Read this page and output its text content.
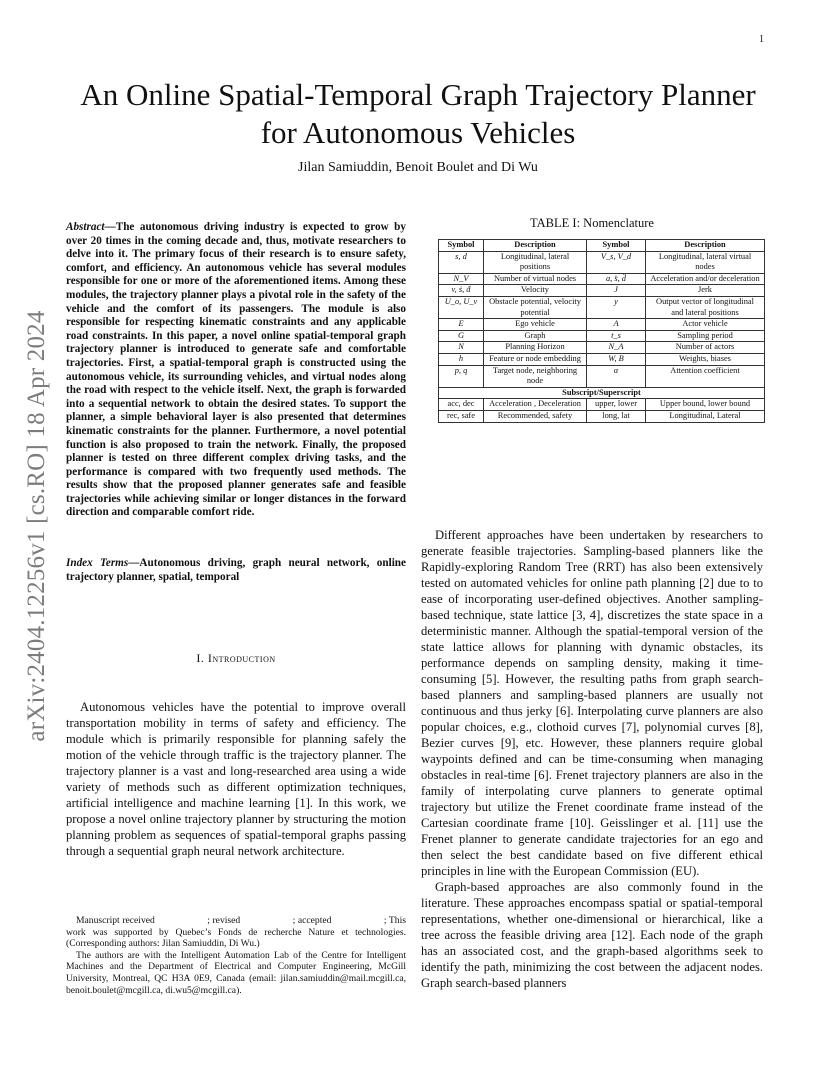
1
arXiv:2404.12256v1 [cs.RO] 18 Apr 2024
An Online Spatial-Temporal Graph Trajectory Planner for Autonomous Vehicles
Jilan Samiuddin, Benoit Boulet and Di Wu
Abstract—The autonomous driving industry is expected to grow by over 20 times in the coming decade and, thus, motivate researchers to delve into it. The primary focus of their research is to ensure safety, comfort, and efficiency. An autonomous vehicle has several modules responsible for one or more of the aforementioned items. Among these modules, the trajectory planner plays a pivotal role in the safety of the vehicle and the comfort of its passengers. The module is also responsible for respecting kinematic constraints and any applicable road constraints. In this paper, a novel online spatial-temporal graph trajectory planner is introduced to generate safe and comfortable trajectories. First, a spatial-temporal graph is constructed using the autonomous vehicle, its surrounding vehicles, and virtual nodes along the road with respect to the vehicle itself. Next, the graph is forwarded into a sequential network to obtain the desired states. To support the planner, a simple behavioral layer is also presented that determines kinematic constraints for the planner. Furthermore, a novel potential function is also proposed to train the network. Finally, the proposed planner is tested on three different complex driving tasks, and the performance is compared with two frequently used methods. The results show that the proposed planner generates safe and feasible trajectories while achieving similar or longer distances in the forward direction and comparable comfort ride.
Index Terms—Autonomous driving, graph neural network, online trajectory planner, spatial, temporal
I. Introduction
Autonomous vehicles have the potential to improve overall transportation mobility in terms of safety and efficiency. The module which is primarily responsible for planning safely the motion of the vehicle through traffic is the trajectory planner. The trajectory planner is a vast and long-researched area using a wide variety of methods such as different optimization techniques, artificial intelligence and machine learning [1]. In this work, we propose a novel online trajectory planner by structuring the motion planning problem as sequences of spatial-temporal graphs passing through a sequential graph neural network architecture.

Manuscript received                    ; revised                    ; accepted                    ; This work was supported by Quebec’s Fonds de recherche Nature et technologies. (Corresponding authors: Jilan Samiuddin, Di Wu.)

The authors are with the Intelligent Automation Lab of the Centre for Intelligent Machines and the Department of Electrical and Computer Engineering, McGill University, Montreal, QC H3A 0E9, Canada (email: jilan.samiuddin@mail.mcgill.ca, benoit.boulet@mcgill.ca, di.wu5@mcgill.ca).

TABLE I: Nomenclature
Symbol	Description	Symbol	Description
s, d	Longitudinal, lateral positions	V_s, V_d	Longitudinal, lateral virtual nodes
N_V	Number of virtual nodes	a, s̈, d̈	Acceleration and/or deceleration
v, ṡ, ḋ	Velocity	J	Jerk
U_o, U_v	Obstacle potential, velocity potential	y	Output vector of longitudinal and lateral positions
E	Ego vehicle	A	Actor vehicle
G	Graph	t_s	Sampling period
N	Planning Horizon	N_A	Number of actors
h	Feature or node embedding	W, B	Weights, biases
p, q	Target node, neighboring node	α	Attention coefficient
Subscript/Superscript			
acc, dec	Acceleration , Deceleration	upper, lower	Upper bound, lower bound
rec, safe	Recommended, safety	long, lat	Longitudinal, Lateral

Different approaches have been undertaken by researchers to generate feasible trajectories. Sampling-based planners like the Rapidly-exploring Random Tree (RRT) has also been extensively tested on automated vehicles for online path planning [2] due to to ease of incorporating user-defined objectives. Another sampling-based technique, state lattice [3, 4], discretizes the state space in a deterministic manner. Although the spatial-temporal version of the state lattice allows for planning with dynamic obstacles, its performance depends on sampling density, making it time-consuming [5]. However, the resulting paths from graph search-based planners and sampling-based planners are usually not continuous and thus jerky [6]. Interpolating curve planners are also popular choices, e.g., clothoid curves [7], polynomial curves [8], Bezier curves [9], etc. However, these planners require global waypoints defined and can be time-consuming when managing obstacles in real-time [6]. Frenet trajectory planners are also in the family of interpolating curve planners to generate optimal trajectory but utilize the Frenet coordinate frame instead of the Cartesian coordinate frame [10]. Geisslinger et al. [11] use the Frenet planner to generate candidate trajectories for an ego and then select the best candidate based on five different ethical principles in line with the European Commission (EU).

Graph-based approaches are also commonly found in the literature. These approaches encompass spatial or spatial-temporal representations, whether one-dimensional or hierarchical, like a tree across the feasible driving area [12]. Each node of the graph has an associated cost, and the graph-based algorithms seek to identify the path, minimizing the cost between the adjacent nodes. Graph search-based planners
